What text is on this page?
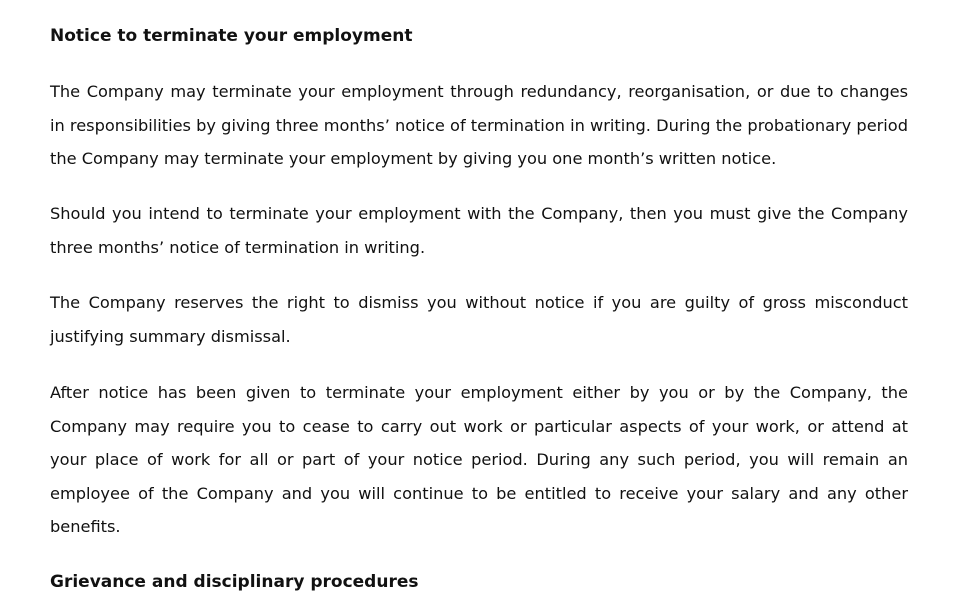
Notice to terminate your employment

The Company may terminate your employment through redundancy, reorganisation, or due to changes in responsibilities by giving three months’ notice of termination in writing. During the probationary period the Company may terminate your employment by giving you one month’s written notice.

Should you intend to terminate your employment with the Company, then you must give the Company three months’ notice of termination in writing.

The Company reserves the right to dismiss you without notice if you are guilty of gross misconduct justifying summary dismissal.

After notice has been given to terminate your employment either by you or by the Company, the Company may require you to cease to carry out work or particular aspects of your work, or attend at your place of work for all or part of your notice period. During any such period, you will remain an employee of the Company and you will continue to be entitled to receive your salary and any other benefits.

Grievance and disciplinary procedures
